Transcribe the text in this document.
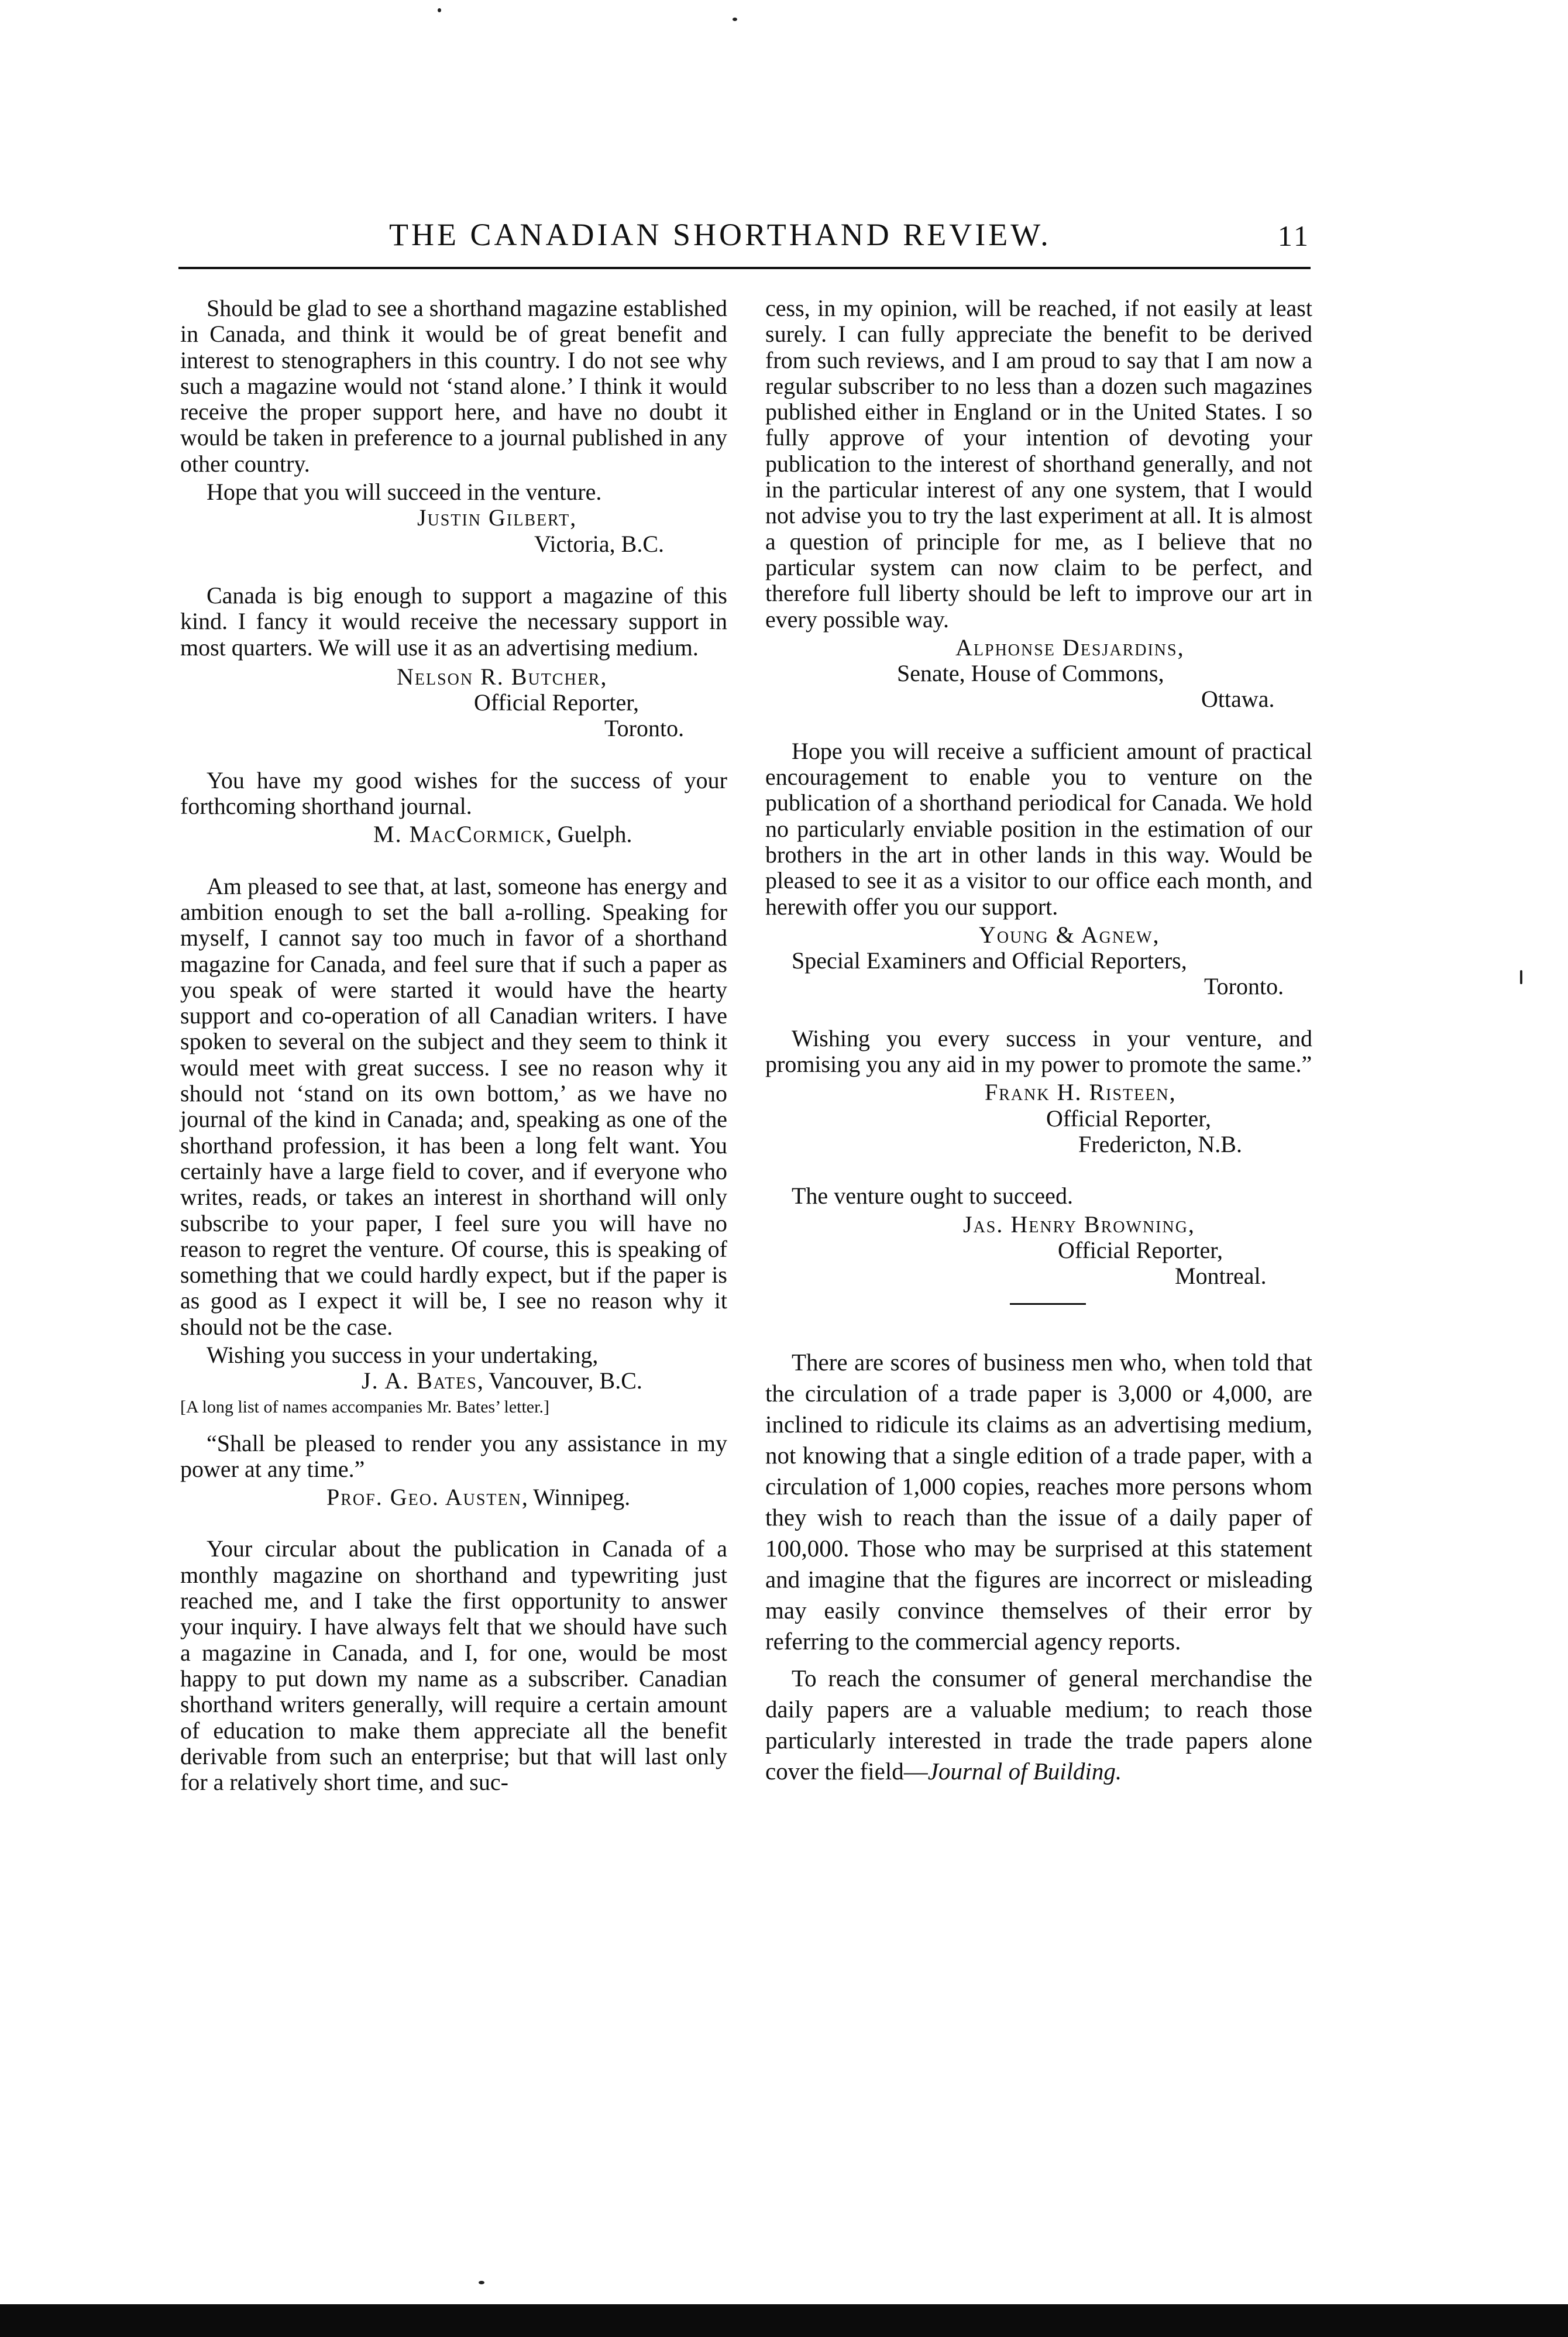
THE CANADIAN SHORTHAND REVIEW.	11

Should be glad to see a shorthand magazine established in Canada, and think it would be of great benefit and interest to stenographers in this country. I do not see why such a magazine would not ‘stand alone.’ I think it would receive the proper support here, and have no doubt it would be taken in preference to a journal published in any other country.

Hope that you will succeed in the venture.

Justin Gilbert,
Victoria, B.C.

Canada is big enough to support a magazine of this kind. I fancy it would receive the necessary support in most quarters. We will use it as an advertising medium.

Nelson R. Butcher,
Official Reporter,
Toronto.

You have my good wishes for the success of your forthcoming shorthand journal.

M. MacCormick, Guelph.

Am pleased to see that, at last, someone has energy and ambition enough to set the ball a-rolling. Speaking for myself, I cannot say too much in favor of a shorthand magazine for Canada, and feel sure that if such a paper as you speak of were started it would have the hearty support and co-operation of all Canadian writers. I have spoken to several on the subject and they seem to think it would meet with great success. I see no reason why it should not ‘stand on its own bottom,’ as we have no journal of the kind in Canada; and, speaking as one of the shorthand profession, it has been a long felt want. You certainly have a large field to cover, and if everyone who writes, reads, or takes an interest in shorthand will only subscribe to your paper, I feel sure you will have no reason to regret the venture. Of course, this is speaking of something that we could hardly expect, but if the paper is as good as I expect it will be, I see no reason why it should not be the case.

Wishing you success in your undertaking,

J. A. Bates, Vancouver, B.C.

[A long list of names accompanies Mr. Bates’ letter.]

“Shall be pleased to render you any assistance in my power at any time.”

Prof. Geo. Austen, Winnipeg.

Your circular about the publication in Canada of a monthly magazine on shorthand and typewriting just reached me, and I take the first opportunity to answer your inquiry. I have always felt that we should have such a magazine in Canada, and I, for one, would be most happy to put down my name as a subscriber. Canadian shorthand writers generally, will require a certain amount of education to make them appreciate all the benefit derivable from such an enterprise; but that will last only for a relatively short time, and suc-

cess, in my opinion, will be reached, if not easily at least surely. I can fully appreciate the benefit to be derived from such reviews, and I am proud to say that I am now a regular subscriber to no less than a dozen such magazines published either in England or in the United States. I so fully approve of your intention of devoting your publication to the interest of shorthand generally, and not in the particular interest of any one system, that I would not advise you to try the last experiment at all. It is almost a question of principle for me, as I believe that no particular system can now claim to be perfect, and therefore full liberty should be left to improve our art in every possible way.

Alphonse Desjardins,
Senate, House of Commons,
Ottawa.

Hope you will receive a sufficient amount of practical encouragement to enable you to venture on the publication of a shorthand periodical for Canada. We hold no particularly enviable position in the estimation of our brothers in the art in other lands in this way. Would be pleased to see it as a visitor to our office each month, and herewith offer you our support.

Young & Agnew,
Special Examiners and Official Reporters,
Toronto.

Wishing you every success in your venture, and promising you any aid in my power to promote the same.”

Frank H. Risteen,
Official Reporter,
Fredericton, N.B.

The venture ought to succeed.

Jas. Henry Browning,
Official Reporter,
Montreal.

There are scores of business men who, when told that the circulation of a trade paper is 3,000 or 4,000, are inclined to ridicule its claims as an advertising medium, not knowing that a single edition of a trade paper, with a circulation of 1,000 copies, reaches more persons whom they wish to reach than the issue of a daily paper of 100,000. Those who may be surprised at this statement and imagine that the figures are incorrect or misleading may easily convince themselves of their error by referring to the commercial agency reports.

To reach the consumer of general merchandise the daily papers are a valuable medium; to reach those particularly interested in trade the trade papers alone cover the field—Journal of Building.
